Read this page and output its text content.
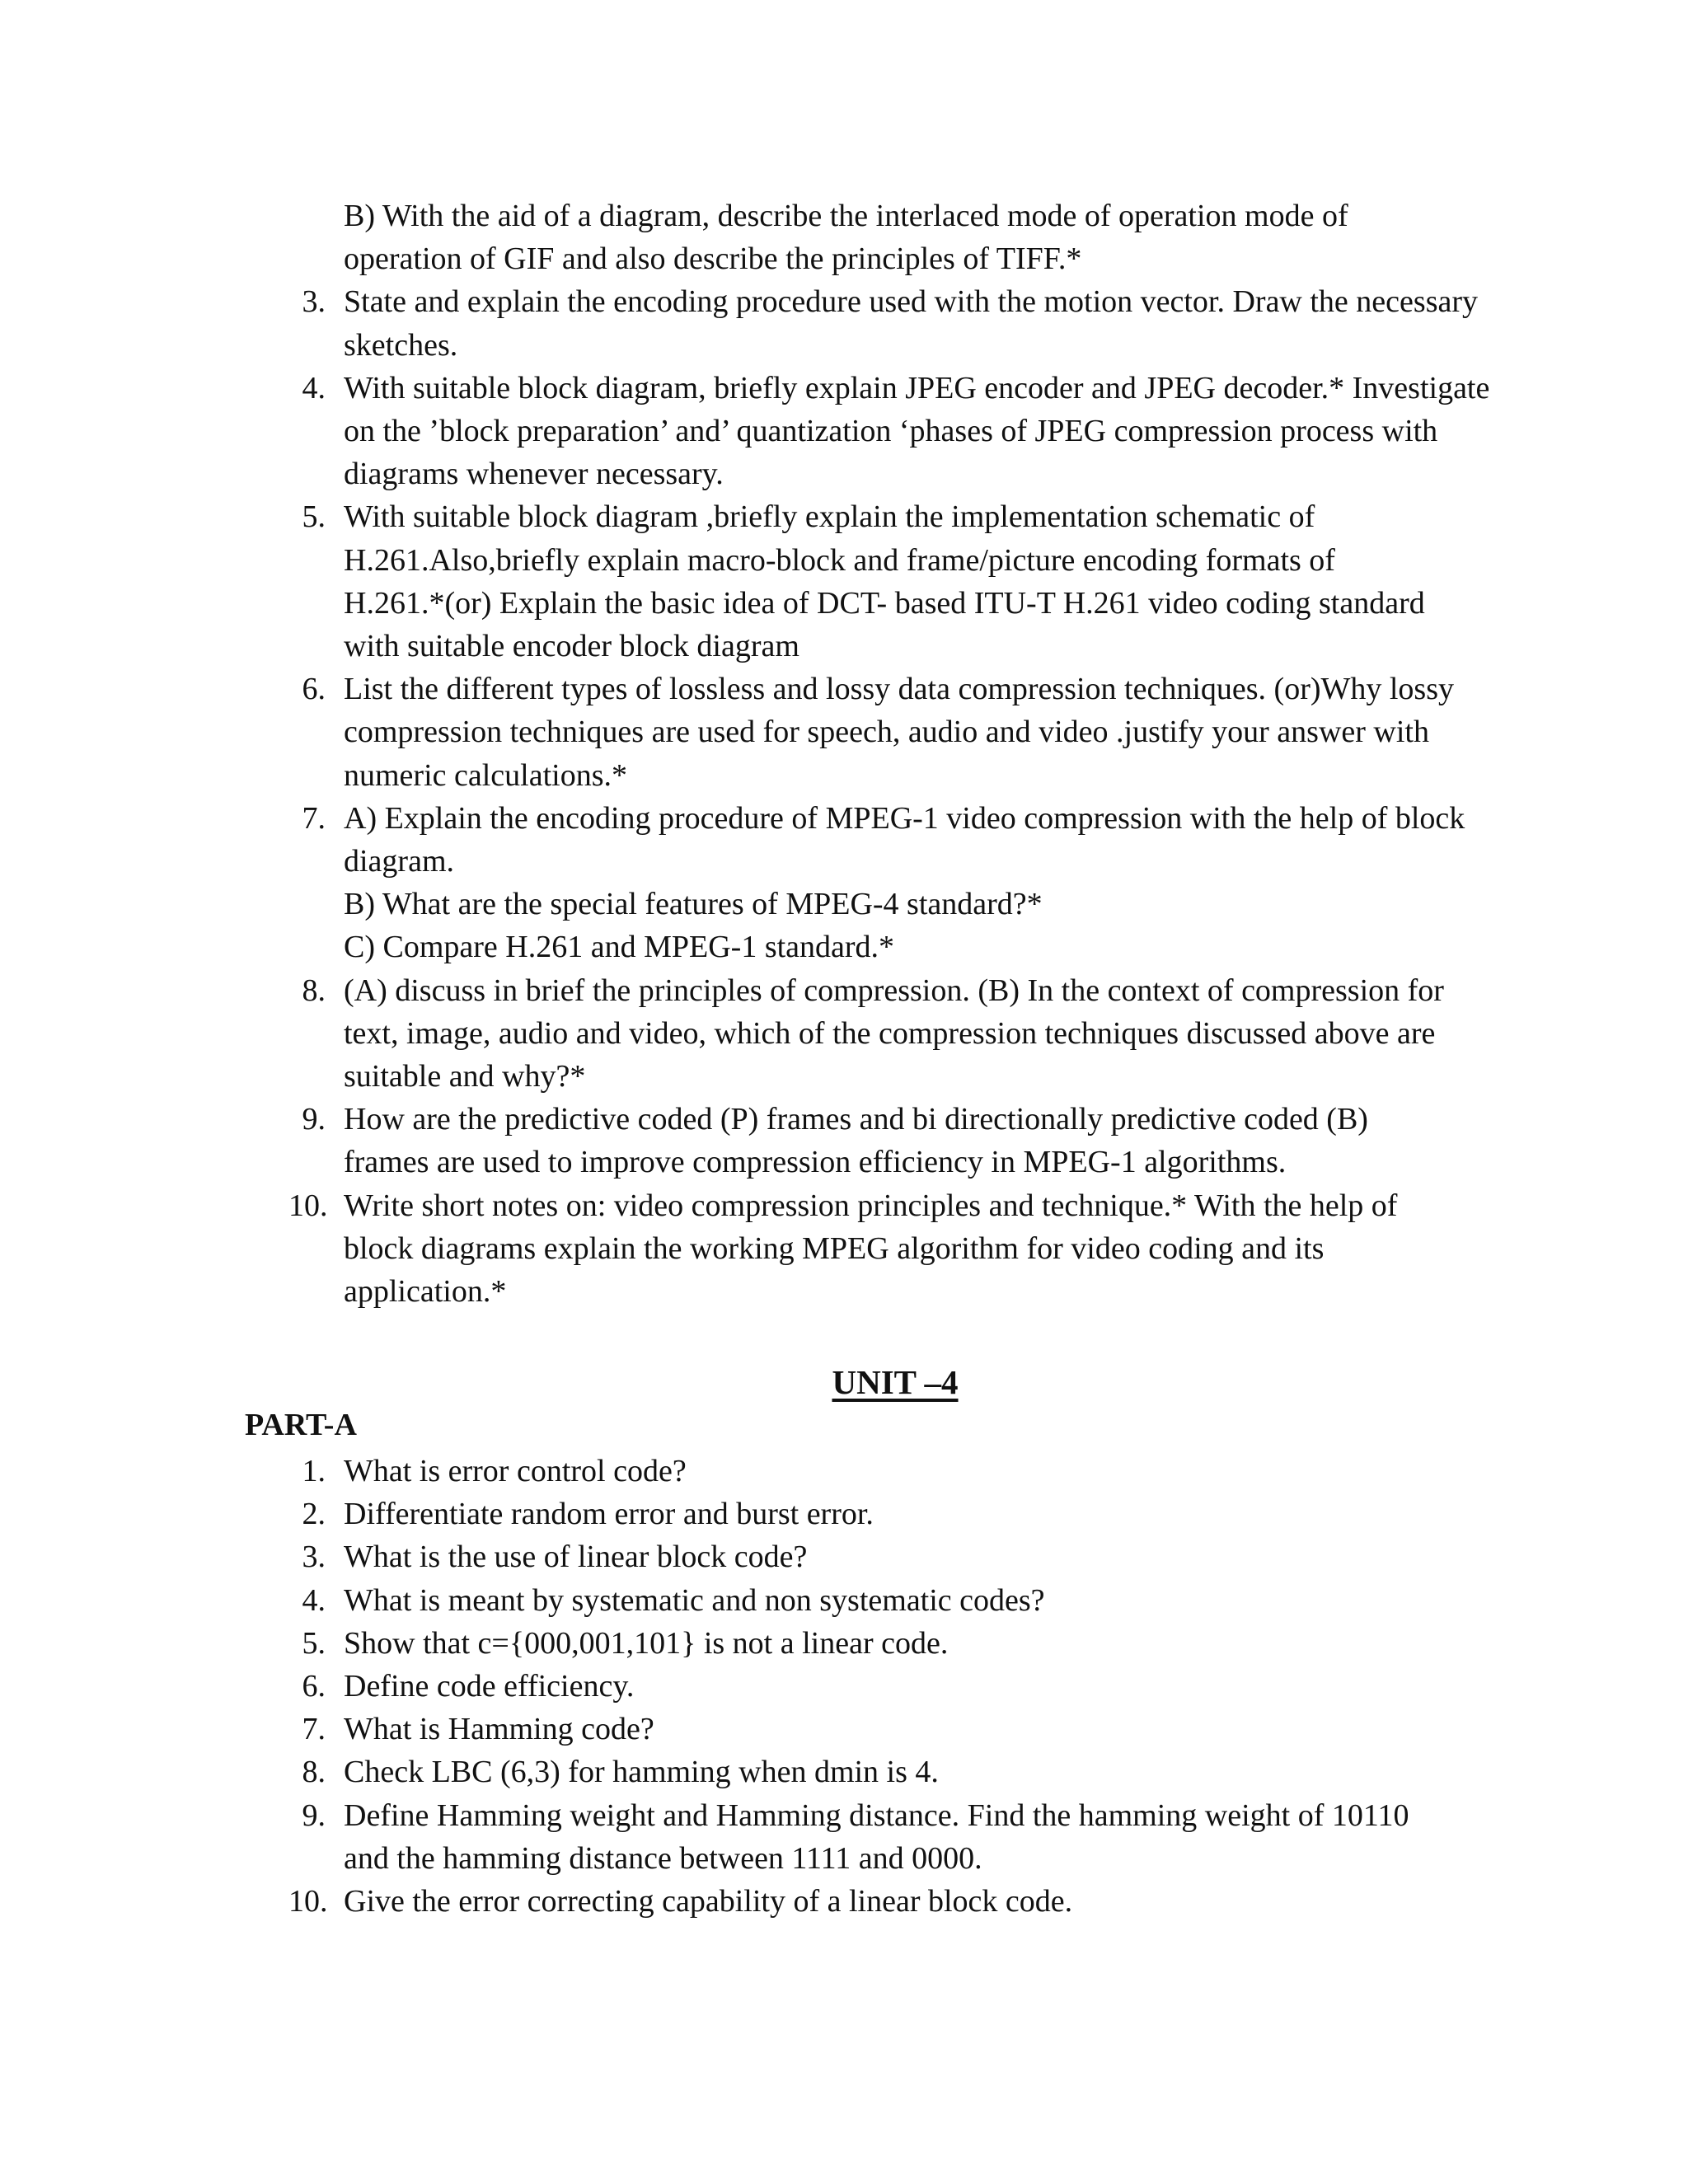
B) With the aid of a diagram, describe the interlaced mode of operation mode of
operation of GIF and also describe the principles of TIFF.*
3. State and explain the encoding procedure used with the motion vector. Draw the necessary
sketches.
4. With suitable block diagram, briefly explain JPEG encoder and JPEG decoder.* Investigate
on the ’block preparation’ and’ quantization ‘phases of JPEG compression process with
diagrams whenever necessary.
5. With suitable block diagram ,briefly explain the implementation schematic of
H.261.Also,briefly explain macro-block and frame/picture encoding formats of
H.261.*(or) Explain the basic idea of DCT- based ITU-T H.261 video coding standard
with suitable encoder block diagram
6. List the different types of lossless and lossy data compression techniques. (or)Why lossy
compression techniques are used for speech, audio and video .justify your answer with
numeric calculations.*
7. A) Explain the encoding procedure of MPEG-1 video compression with the help of block
diagram.
B) What are the special features of MPEG-4 standard?*
C) Compare H.261 and MPEG-1 standard.*
8. (A) discuss in brief the principles of compression. (B) In the context of compression for
text, image, audio and video, which of the compression techniques discussed above are
suitable and why?*
9. How are the predictive coded (P) frames and bi directionally predictive coded (B)
frames are used to improve compression efficiency in MPEG-1 algorithms.
10. Write short notes on: video compression principles and technique.* With the help of
block diagrams explain the working MPEG algorithm for video coding and its
application.*
UNIT –4
PART-A
1. What is error control code?
2. Differentiate random error and burst error.
3. What is the use of linear block code?
4. What is meant by systematic and non systematic codes?
5. Show that c={000,001,101} is not a linear code.
6. Define code efficiency.
7. What is Hamming code?
8. Check LBC (6,3) for hamming when dmin is 4.
9. Define Hamming weight and Hamming distance. Find the hamming weight of 10110
and the hamming distance between 1111 and 0000.
10. Give the error correcting capability of a linear block code.
